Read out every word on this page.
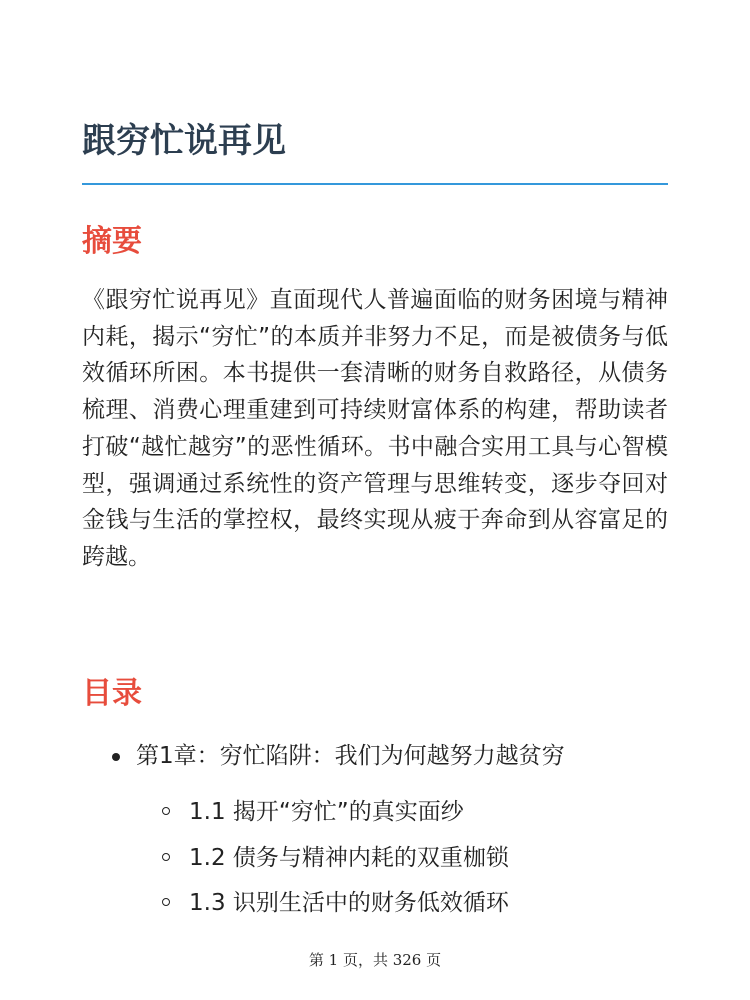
跟穷忙说再见
摘要

《跟穷忙说再见》直面现代人普遍面临的财务困境与精神内耗，揭示“穷忙”的本质并非努力不足，而是被债务与低效循环所困。本书提供一套清晰的财务自救路径，从债务梳理、消费心理重建到可持续财富体系的构建，帮助读者打破“越忙越穷”的恶性循环。书中融合实用工具与心智模型，强调通过系统性的资产管理与思维转变，逐步夺回对金钱与生活的掌控权，最终实现从疲于奔命到从容富足的跨越。

目录
第1章：穷忙陷阱：我们为何越努力越贫穷
1.1 揭开“穷忙”的真实面纱
1.2 债务与精神内耗的双重枷锁
1.3 识别生活中的财务低效循环
第 1 页，共 326 页
